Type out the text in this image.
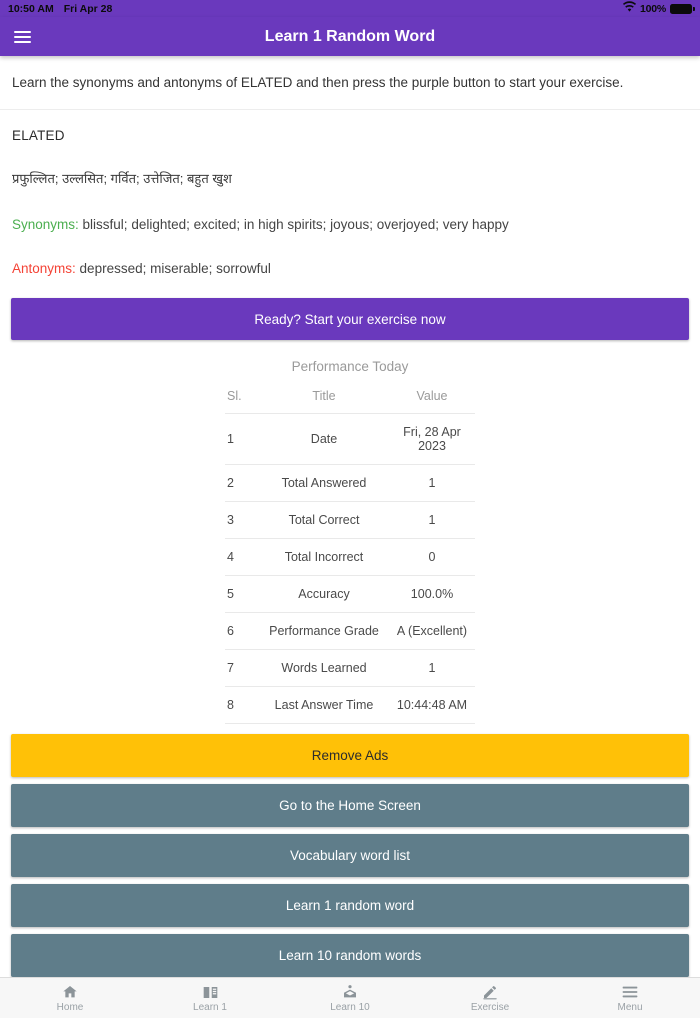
10:50 AM Fri Apr 28	100%
Learn 1 Random Word
Learn the synonyms and antonyms of ELATED and then press the purple button to start your exercise.
ELATED
प्रफुल्लित; उल्लसित; गर्वित; उत्तेजित; बहुत खुश
Synonyms: blissful; delighted; excited; in high spirits; joyous; overjoyed; very happy
Antonyms: depressed; miserable; sorrowful
Ready? Start your exercise now
Performance Today
Sl.	Title	Value
1	Date	Fri, 28 Apr 2023
2	Total Answered	1
3	Total Correct	1
4	Total Incorrect	0
5	Accuracy	100.0%
6	Performance Grade	A (Excellent)
7	Words Learned	1
8	Last Answer Time	10:44:48 AM
Remove Ads
Go to the Home Screen
Vocabulary word list
Learn 1 random word
Learn 10 random words
Home	Learn 1	Learn 10	Exercise	Menu
